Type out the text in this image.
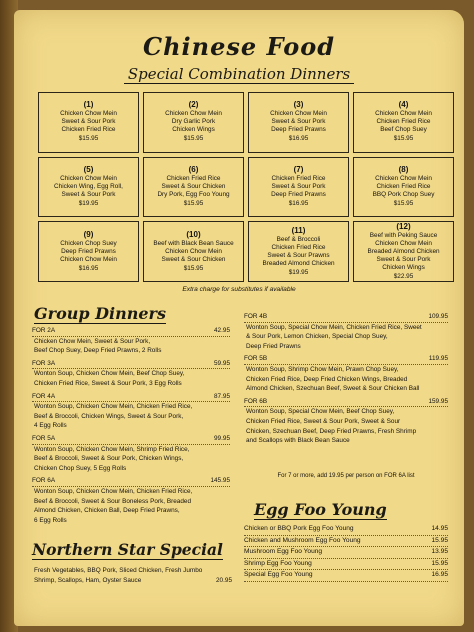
Chinese Food
Special Combination Dinners
(1)
Chicken Chow Mein
Sweet & Sour Pork
Chicken Fried Rice
$15.95
(2)
Chicken Chow Mein
Dry Garlic Pork
Chicken Wings
$15.95
(3)
Chicken Chow Mein
Sweet & Sour Pork
Deep Fried Prawns
$16.95
(4)
Chicken Chow Mein
Chicken Fried Rice
Beef Chop Suey
$15.95
(5)
Chicken Chow Mein
Chicken Wing, Egg Roll,
Sweet & Sour Pork
$19.95
(6)
Chicken Fried Rice
Sweet & Sour Chicken
Dry Pork, Egg Foo Young
$15.95
(7)
Chicken Fried Rice
Sweet & Sour Pork
Deep Fried Prawns
$16.95
(8)
Chicken Chow Mein
Chicken Fried Rice
BBQ Pork Chop Suey
$15.95
(9)
Chicken Chop Suey
Deep Fried Prawns
Chicken Chow Mein
$16.95
(10)
Beef with Black Bean Sauce
Chicken Chow Mein
Sweet & Sour Chicken
$15.95
(11)
Beef & Broccoli
Chicken Fried Rice
Sweet & Sour Prawns
Breaded Almond Chicken
$19.95
(12)
Beef with Peking Sauce
Chicken Chow Mein
Breaded Almond Chicken
Sweet & Sour Pork
Chicken Wings
$22.95
Extra charge for substitutes if available
Group Dinners
FOR 2A	42.95
Chicken Chow Mein, Sweet & Sour Pork,
Beef Chop Suey, Deep Fried Prawns, 2 Rolls
FOR 3A	59.95
Wonton Soup, Chicken Chow Mein, Beef Chop Suey,
Chicken Fried Rice, Sweet & Sour Pork, 3 Egg Rolls
FOR 4A	87.95
Wonton Soup, Chicken Chow Mein, Chicken Fried Rice,
Beef & Broccoli, Chicken Wings, Sweet & Sour Pork,
4 Egg Rolls
FOR 5A	99.95
Wonton Soup, Chicken Chow Mein, Shrimp Fried Rice,
Beef & Broccoli, Sweet & Sour Pork, Chicken Wings,
Chicken Chop Suey, 5 Egg Rolls
FOR 6A	145.95
Wonton Soup, Chicken Chow Mein, Chicken Fried Rice,
Beef & Broccoli, Sweet & Sour Boneless Pork, Breaded
Almond Chicken, Chicken Ball, Deep Fried Prawns,
6 Egg Rolls
FOR 4B	109.95
Wonton Soup, Special Chow Mein, Chicken Fried Rice, Sweet
& Sour Pork, Lemon Chicken, Special Chop Suey,
Deep Fried Prawns
FOR 5B	119.95
Wonton Soup, Shrimp Chow Mein, Prawn Chop Suey,
Chicken Fried Rice, Deep Fried Chicken Wings, Breaded
Almond Chicken, Szechuan Beef, Sweet & Sour Chicken Ball
FOR 6B	159.95
Wonton Soup, Special Chow Mein, Beef Chop Suey,
Chicken Fried Rice, Sweet & Sour Pork, Sweet & Sour
Chicken, Szechuan Beef, Deep Fried Prawns, Fresh Shrimp
and Scallops with Black Bean Sauce
For 7 or more, add 19.95 per person on FOR 6A list
Northern Star Special
Fresh Vegetables, BBQ Pork, Sliced Chicken, Fresh Jumbo
Shrimp, Scallops, Ham, Oyster Sauce	20.95
Egg Foo Young
Chicken or BBQ Pork Egg Foo Young	14.95
Chicken and Mushroom Egg Foo Young	15.95
Mushroom Egg Foo Young	13.95
Shrimp Egg Foo Young	15.95
Special Egg Foo Young	16.95
